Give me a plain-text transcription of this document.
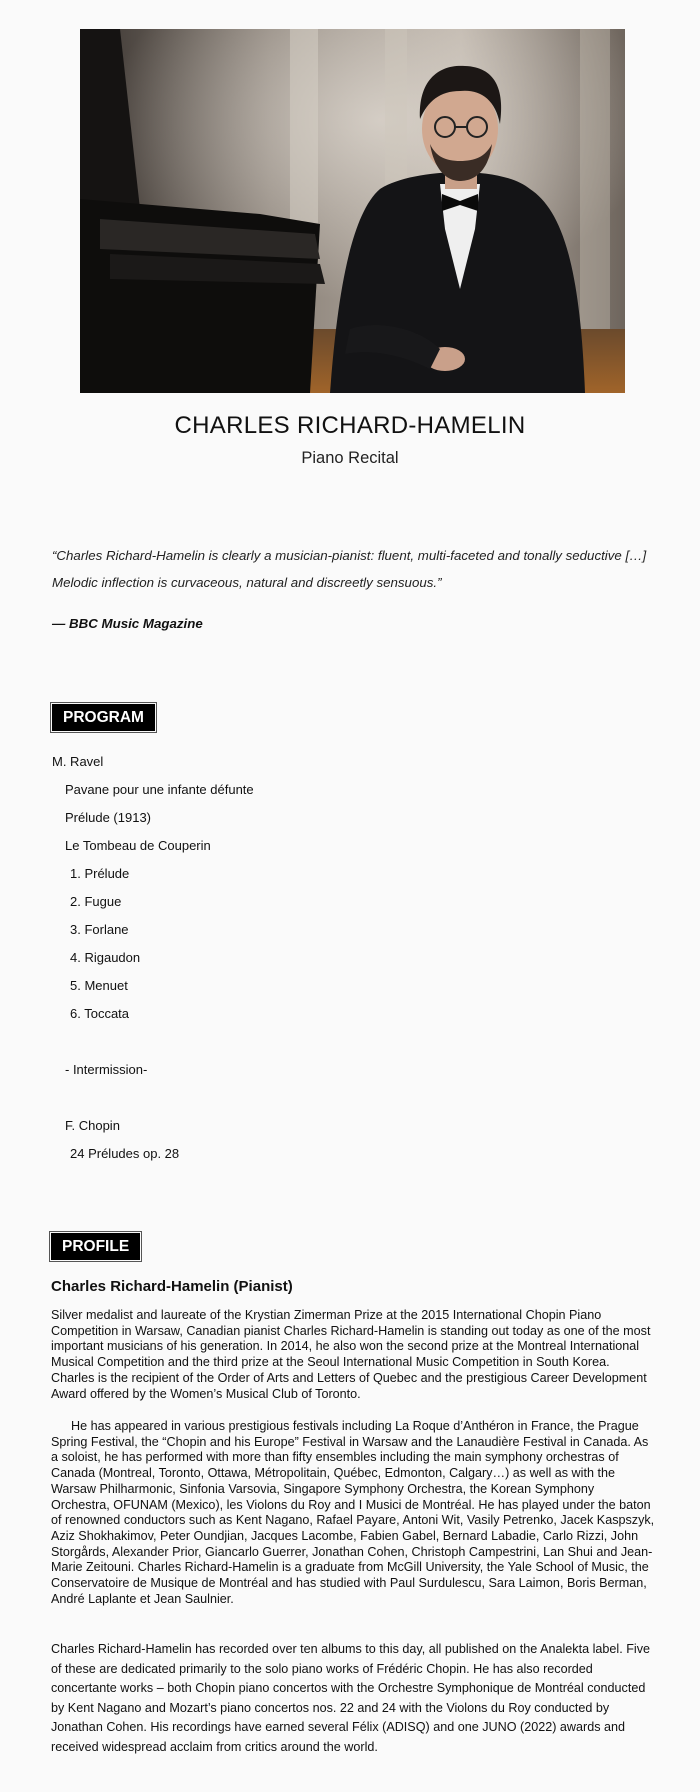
CHARLES RICHARD-HAMELIN
Piano Recital
“Charles Richard-Hamelin is clearly a musician-pianist: fluent, multi-faceted and tonally seductive […] Melodic inflection is curvaceous, natural and discreetly sensuous.”
— BBC Music Magazine
PROGRAM
M. Ravel
Pavane pour une infante défunte
Prélude (1913)
Le Tombeau de Couperin
1. Prélude
2. Fugue
3. Forlane
4. Rigaudon
5. Menuet
6. Toccata
- Intermission-
F. Chopin
24 Préludes op. 28
PROFILE
Charles Richard-Hamelin (Pianist)

Silver medalist and laureate of the Krystian Zimerman Prize at the 2015 International Chopin Piano Competition in Warsaw, Canadian pianist Charles Richard-Hamelin is standing out today as one of the most important musicians of his generation. In 2014, he also won the second prize at the Montreal International Musical Competition and the third prize at the Seoul International Music Competition in South Korea. Charles is the recipient of the Order of Arts and Letters of Quebec and the prestigious Career Development Award offered by the Women’s Musical Club of Toronto.

He has appeared in various prestigious festivals including La Roque d’Anthéron in France, the Prague Spring Festival, the “Chopin and his Europe” Festival in Warsaw and the Lanaudière Festival in Canada. As a soloist, he has performed with more than fifty ensembles including the main symphony orchestras of Canada (Montreal, Toronto, Ottawa, Métropolitain, Québec, Edmonton, Calgary…) as well as with the Warsaw Philharmonic, Sinfonia Varsovia, Singapore Symphony Orchestra, the Korean Symphony Orchestra, OFUNAM (Mexico), les Violons du Roy and I Musici de Montréal. He has played under the baton of renowned conductors such as Kent Nagano, Rafael Payare, Antoni Wit, Vasily Petrenko, Jacek Kaspszyk, Aziz Shokhakimov, Peter Oundjian, Jacques Lacombe, Fabien Gabel, Bernard Labadie, Carlo Rizzi, John Storgårds, Alexander Prior, Giancarlo Guerrer, Jonathan Cohen, Christoph Campestrini, Lan Shui and Jean-Marie Zeitouni. Charles Richard-Hamelin is a graduate from McGill University, the Yale School of Music, the Conservatoire de Musique de Montréal and has studied with Paul Surdulescu, Sara Laimon, Boris Berman, André Laplante et Jean Saulnier.

Charles Richard-Hamelin has recorded over ten albums to this day, all published on the Analekta label. Five of these are dedicated primarily to the solo piano works of Frédéric Chopin. He has also recorded concertante works – both Chopin piano concertos with the Orchestre Symphonique de Montréal conducted by Kent Nagano and Mozart’s piano concertos nos. 22 and 24 with the Violons du Roy conducted by Jonathan Cohen. His recordings have earned several Félix (ADISQ) and one JUNO (2022) awards and received widespread acclaim from critics around the world.
